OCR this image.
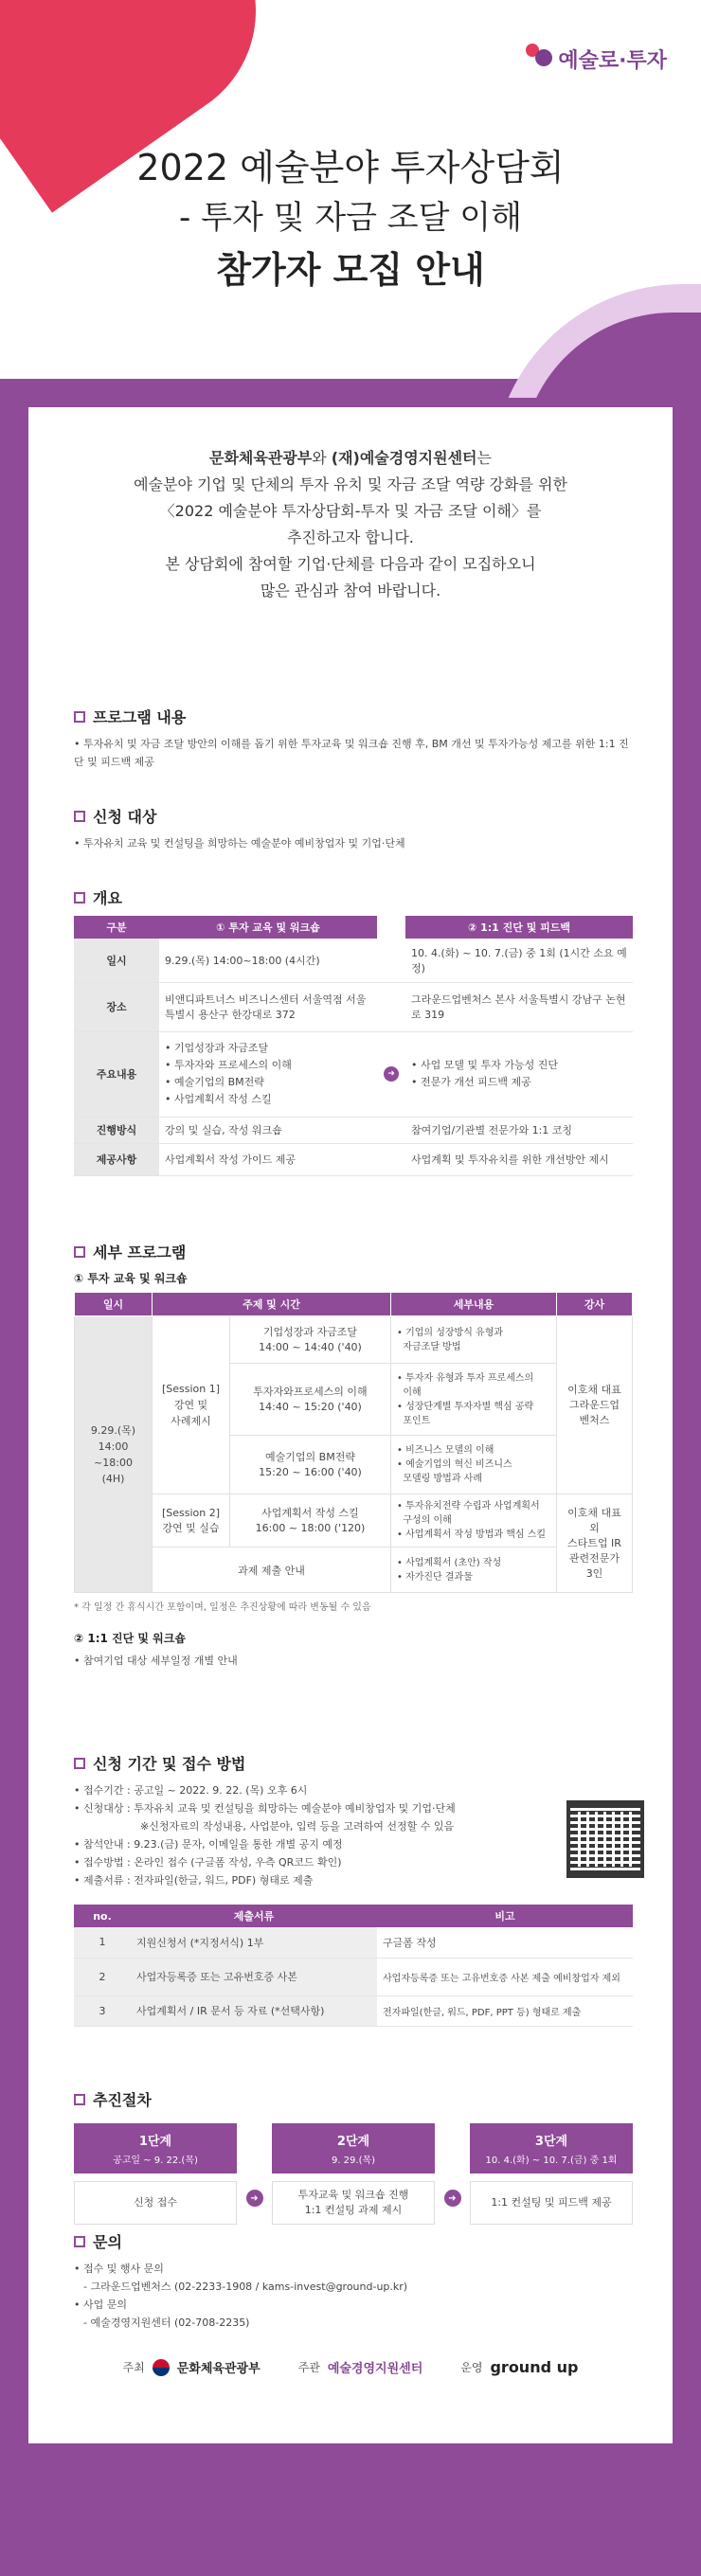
예술로·투자
2022 예술분야 투자상담회
- 투자 및 자금 조달 이해
참가자 모집 안내
문화체육관광부와 (재)예술경영지원센터는
예술분야 기업 및 단체의 투자 유치 및 자금 조달 역량 강화를 위한
〈2022 예술분야 투자상담회-투자 및 자금 조달 이해〉를
추진하고자 합니다.
본 상담회에 참여할 기업·단체를 다음과 같이 모집하오니
많은 관심과 참여 바랍니다.
프로그램 내용

• 투자유치 및 자금 조달 방안의 이해를 돕기 위한 투자교육 및 워크숍 진행 후, BM 개선 및 투자가능성 제고를 위한 1:1 진단 및 피드백 제공

신청 대상

• 투자유치 교육 및 컨설팅을 희망하는 예술분야 예비창업자 및 기업·단체

개요
구분	① 투자 교육 및 워크숍		② 1:1 진단 및 피드백
일시	9.29.(목) 14:00~18:00 (4시간)		10. 4.(화) ~ 10. 7.(금) 중 1회 (1시간 소요 예정)
장소	비앤디파트너스 비즈니스센터 서울역점 서울특별시 용산구 한강대로 372		그라운드업벤처스 본사 서울특별시 강남구 논현로 319
주요내용	• 기업성장과 자금조달
• 투자자와 프로세스의 이해
• 예술기업의 BM전략
• 사업계획서 작성 스킬	➜	• 사업 모델 및 투자 가능성 진단
• 전문가 개선 피드백 제공
진행방식	강의 및 실습, 작성 워크숍		참여기업/기관별 전문가와 1:1 코칭
제공사항	사업계획서 작성 가이드 제공		사업계획 및 투자유치를 위한 개선방안 제시
세부 프로그램
① 투자 교육 및 워크숍
일시	주제 및 시간		세부내용	강사
9.29.(목)
14:00
~18:00
(4H)	[Session 1]
강연 및
사례제시	기업성장과 자금조달
14:00 ~ 14:40 ('40)	• 기업의 성장방식 유형과
자금조달 방법	이호채 대표
그라운드업
벤처스
		투자자와프로세스의 이해
14:40 ~ 15:20 ('40)	• 투자자 유형과 투자 프로세스의
이해
• 성장단계별 투자자별 핵심 공략
포인트	
		예술기업의 BM전략
15:20 ~ 16:00 ('40)	• 비즈니스 모델의 이해
• 예술기업의 혁신 비즈니스
모델링 방법과 사례	
	[Session 2]
강연 및 실습	사업계획서 작성 스킬
16:00 ~ 18:00 ('120)	• 투자유치전략 수립과 사업계획서
구성의 이해
• 사업계획서 작성 방법과 핵심 스킬	이호채 대표
외
스타트업 IR
관련전문가
3인
	과제 제출 안내		• 사업계획서 (초안) 작성
• 자가진단 결과물	
* 각 일정 간 휴식시간 포함이며, 일정은 추진상황에 따라 변동될 수 있음
② 1:1 진단 및 워크숍

• 참여기업 대상 세부일정 개별 안내

신청 기간 및 접수 방법

• 접수기간 : 공고일 ~ 2022. 9. 22. (목) 오후 6시

• 신청대상 : 투자유치 교육 및 컨설팅을 희망하는 예술분야 예비창업자 및 기업·단체

※신청자료의 작성내용, 사업분야, 입력 등을 고려하여 선정할 수 있음

• 참석안내 : 9.23.(금) 문자, 이메일을 통한 개별 공지 예정

• 접수방법 : 온라인 접수 (구글폼 작성, 우측 QR코드 확인)

• 제출서류 : 전자파일(한글, 워드, PDF) 형태로 제출

no.	제출서류	비고
1	지원신청서 (*지정서식) 1부	구글폼 작성
2	사업자등록증 또는 고유번호증 사본	사업자등록증 또는 고유번호증 사본 제출 예비창업자 제외
3	사업계획서 / IR 문서 등 자료 (*선택사항)	전자파일(한글, 워드, PDF, PPT 등) 형태로 제출
추진절차
1단계
공고일 ~ 9. 22.(목)
신청 접수	➜
2단계
9. 29.(목)
투자교육 및 워크숍 진행
1:1 컨설팅 과제 제시
➜
3단계
10. 4.(화) ~ 10. 7.(금) 중 1회
1:1 컨설팅 및 피드백 제공
문의

• 접수 및 행사 문의

- 그라운드업벤처스 (02-2233-1908 / kams-invest@ground-up.kr)

• 사업 문의

- 예술경영지원센터 (02-708-2235)

주최	문화체육관광부	주관 예술경영지원센터	운영 ground up
